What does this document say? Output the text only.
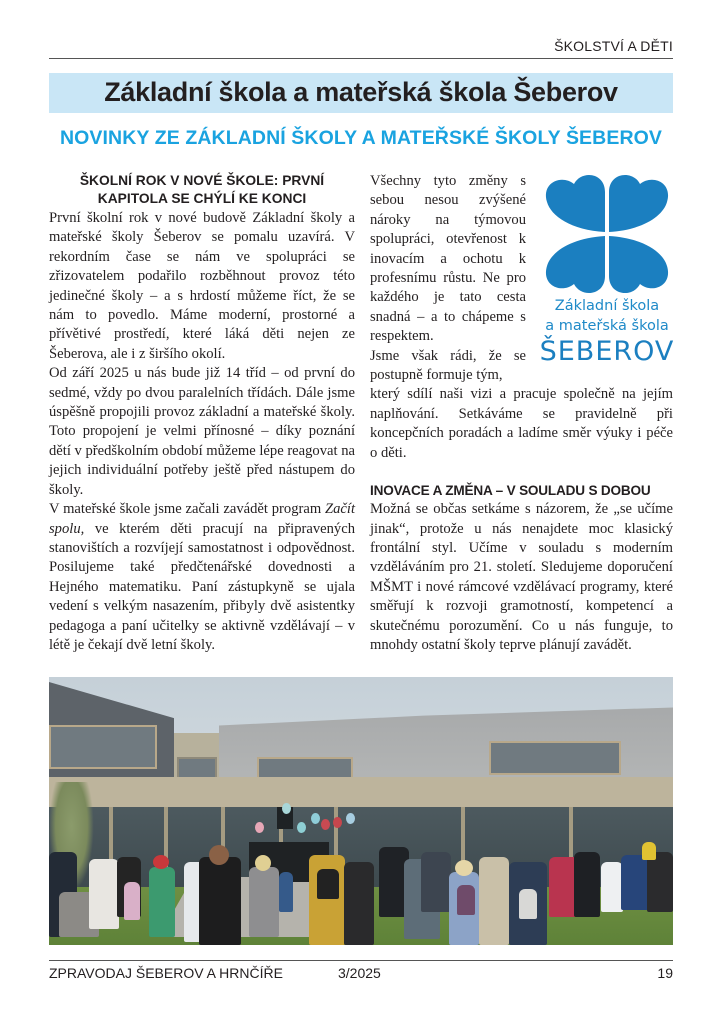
ŠKOLSTVÍ A DĚTI
Základní škola a mateřská škola Šeberov
NOVINKY ZE ZÁKLADNÍ ŠKOLY A MATEŘSKÉ ŠKOLY ŠEBEROV
ŠKOLNÍ ROK V NOVÉ ŠKOLE: PRVNÍ
KAPITOLA SE CHÝLÍ KE KONCI

První školní rok v nové budově Základní školy a mateřské školy Šeberov se pomalu uzavírá. V rekordním čase se nám ve spolupráci se zřizovatelem podařilo rozběhnout provoz této jedinečné školy – a s hrdostí můžeme říct, že se nám to povedlo. Máme moderní, prostorné a přívětivé prostředí, které láká děti nejen ze Šeberova, ale i z širšího okolí.

Od září 2025 u nás bude již 14 tříd – od první do sedmé, vždy po dvou paralelních třídách. Dále jsme úspěšně propojili provoz základní a mateřské školy. Toto propojení je velmi přínosné – díky poznání dětí v předškolním období můžeme lépe reagovat na jejich individuální potřeby ještě před nástupem do školy.

V mateřské škole jsme začali zavádět program Začít spolu, ve kterém děti pracují na připravených stanovištích a rozvíjejí samostatnost i odpovědnost. Posilujeme také předčtenářské dovednosti a Hejného matematiku. Paní zástupkyně se ujala vedení s velkým nasazením, přibyly dvě asistentky pedagoga a paní učitelky se aktivně vzdělávají – v létě je čekají dvě letní školy.

Všechny tyto změny s sebou nesou zvýšené nároky na týmovou spolupráci, otevřenost k inovacím a ochotu k profesnímu růstu. Ne pro každého je tato cesta snadná – a to chápeme s respektem.

Jsme však rádi, že se postupně formuje tým,

který sdílí naši vizi a pracuje společně na jejím naplňování. Setkáváme se pravidelně při koncepčních poradách a ladíme směr výuky i péče o děti.

INOVACE A ZMĚNA – V SOULADU S DOBOU

Možná se občas setkáme s názorem, že „se učíme jinak“, protože u nás nenajdete moc klasický frontální styl. Učíme v souladu s moderním vzděláváním pro 21. století. Sledujeme doporučení MŠMT i nové rámcové vzdělávací programy, které směřují k rozvoji gramotností, kompetencí a skutečnému porozumění. Co u nás funguje, to mnohdy ostatní školy teprve plánují zavádět.

Základní škola
a mateřská škola
ŠEBEROV
ZPRAVODAJ ŠEBEROV A HRNČÍŘE	3/2025	19
